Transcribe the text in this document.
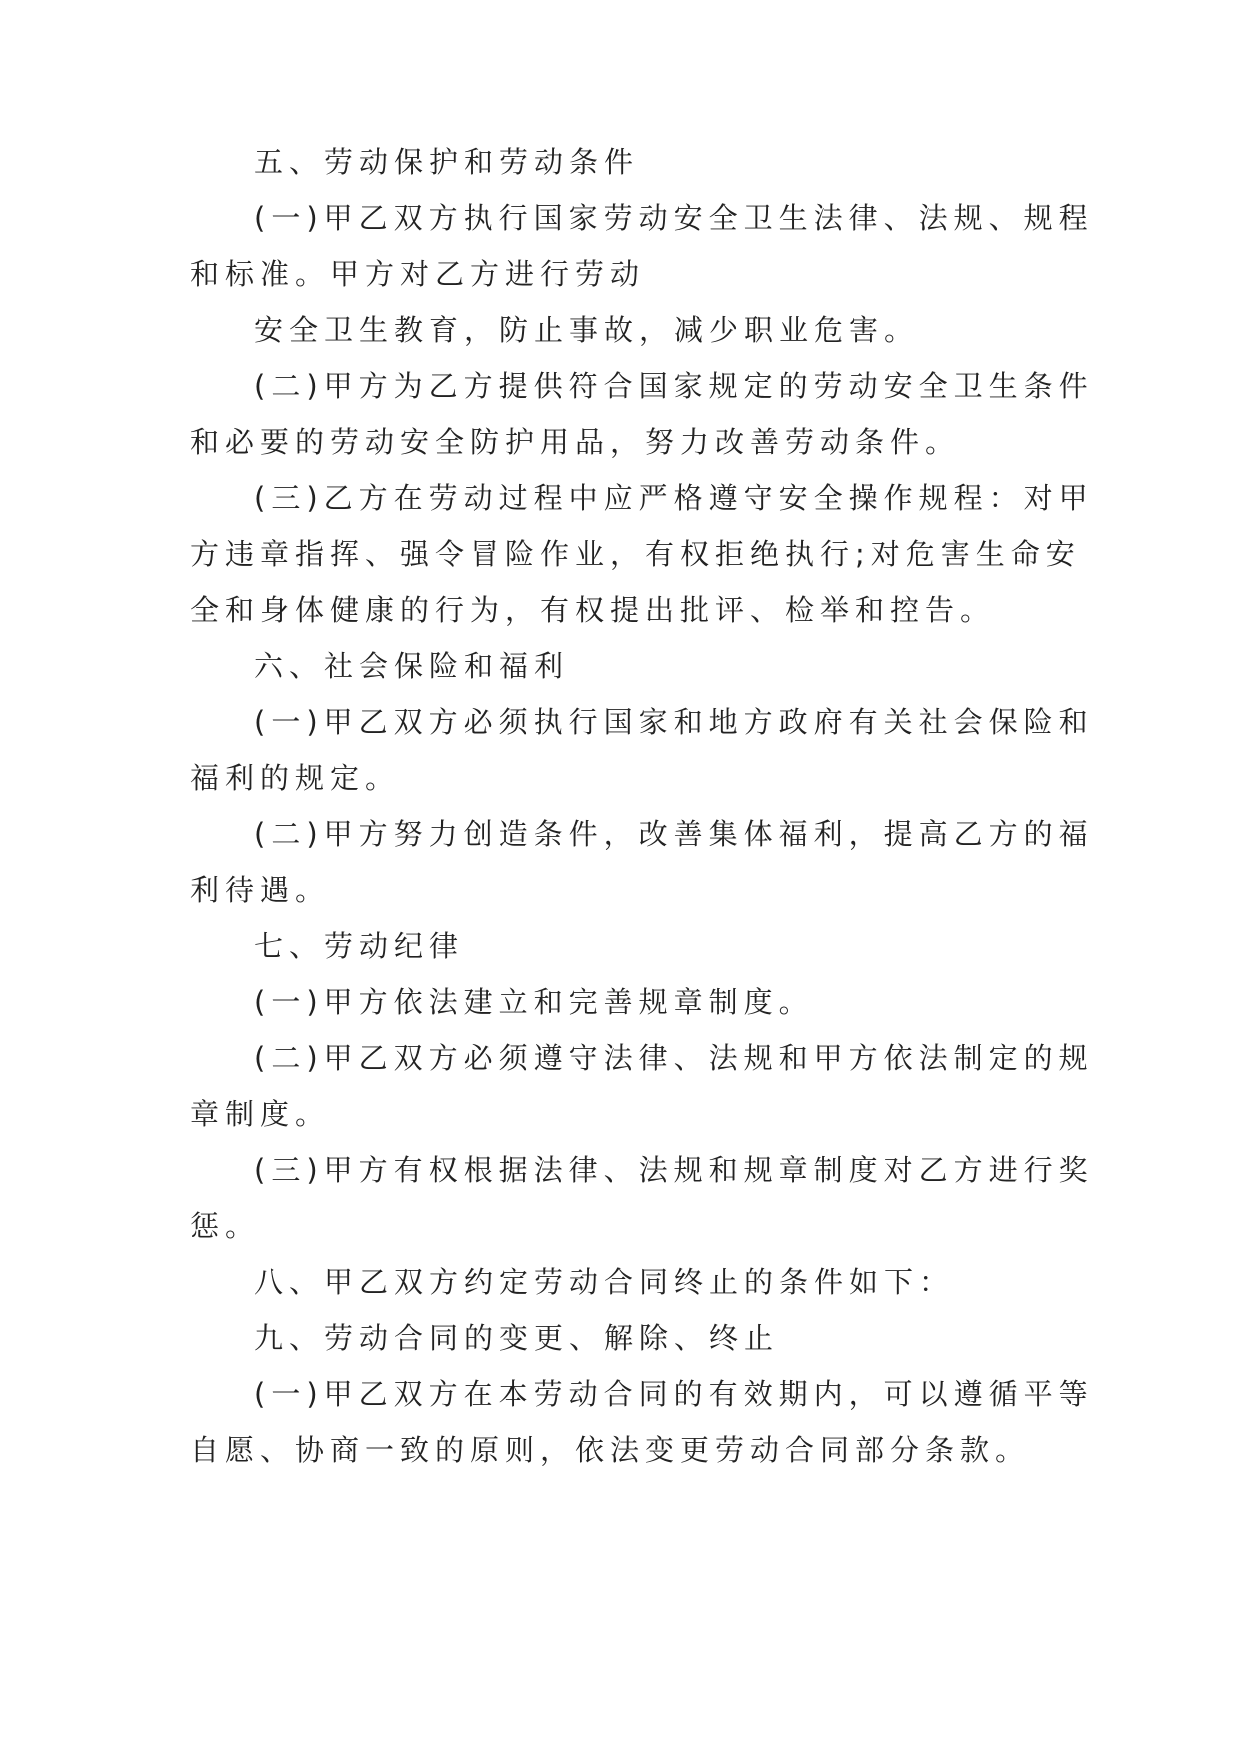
五、劳动保护和劳动条件
(一)甲乙双方执行国家劳动安全卫生法律、法规、规程
和标准。甲方对乙方进行劳动
安全卫生教育，防止事故，减少职业危害。
(二)甲方为乙方提供符合国家规定的劳动安全卫生条件
和必要的劳动安全防护用品，努力改善劳动条件。
(三)乙方在劳动过程中应严格遵守安全操作规程：对甲
方违章指挥、强令冒险作业，有权拒绝执行;对危害生命安
全和身体健康的行为，有权提出批评、检举和控告。
六、社会保险和福利
(一)甲乙双方必须执行国家和地方政府有关社会保险和
福利的规定。
(二)甲方努力创造条件，改善集体福利，提高乙方的福
利待遇。
七、劳动纪律
(一)甲方依法建立和完善规章制度。
(二)甲乙双方必须遵守法律、法规和甲方依法制定的规
章制度。
(三)甲方有权根据法律、法规和规章制度对乙方进行奖
惩。
八、甲乙双方约定劳动合同终止的条件如下：
九、劳动合同的变更、解除、终止
(一)甲乙双方在本劳动合同的有效期内，可以遵循平等
自愿、协商一致的原则，依法变更劳动合同部分条款。
